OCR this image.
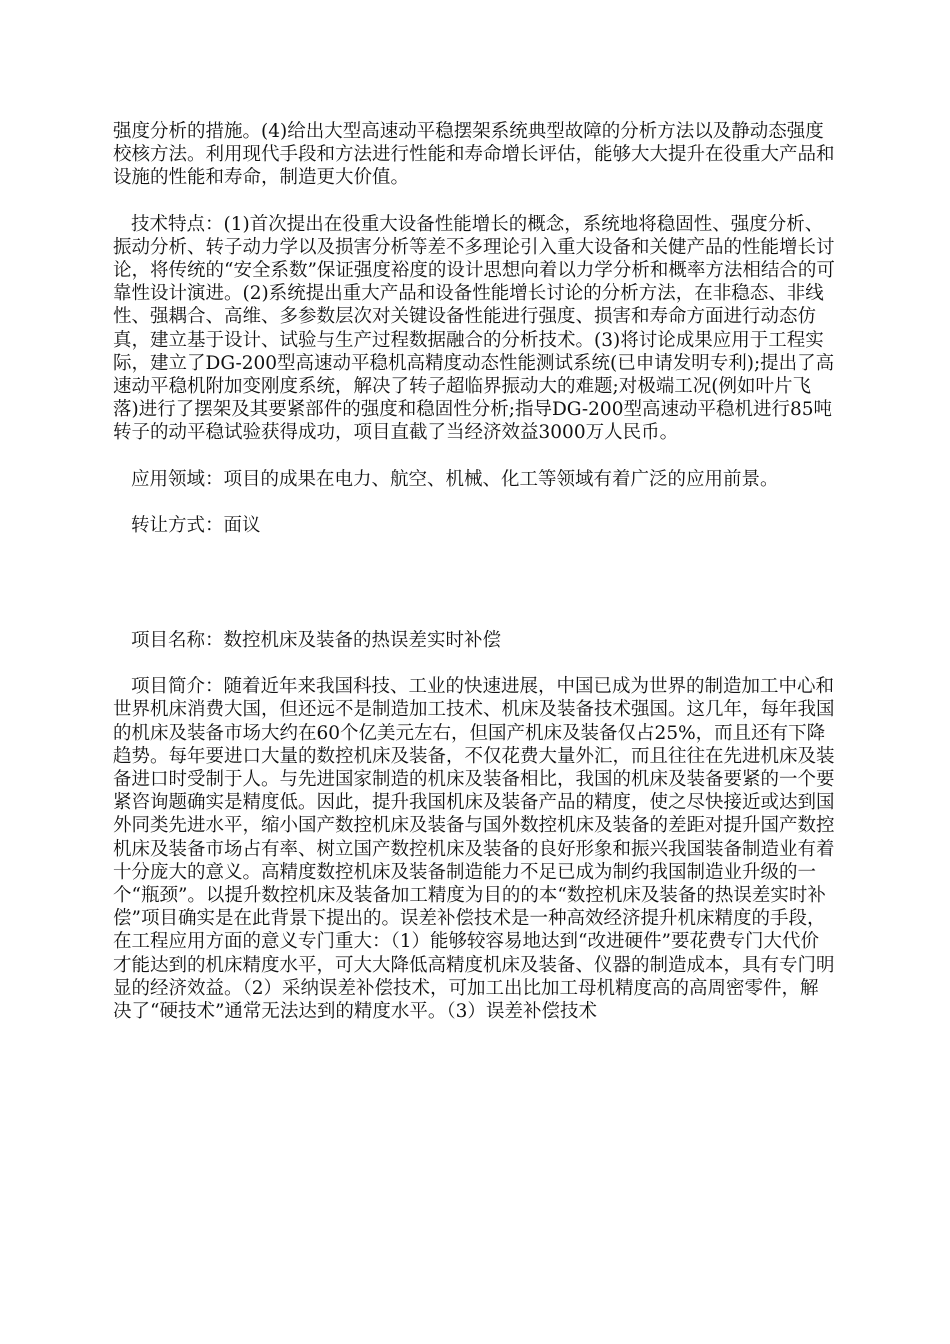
强度分析的措施。(4)给出大型高速动平稳摆架系统典型故障的分析方法以及静动态强度校核方法。利用现代手段和方法进行性能和寿命增长评估，能够大大提升在役重大产品和设施的性能和寿命，制造更大价值。

技术特点：(1)首次提出在役重大设备性能增长的概念，系统地将稳固性、强度分析、振动分析、转子动力学以及损害分析等差不多理论引入重大设备和关健产品的性能增长讨论，将传统的“安全系数”保证强度裕度的设计思想向着以力学分析和概率方法相结合的可靠性设计演进。(2)系统提出重大产品和设备性能增长讨论的分析方法，在非稳态、非线性、强耦合、高维、多参数层次对关键设备性能进行强度、损害和寿命方面进行动态仿真，建立基于设计、试验与生产过程数据融合的分析技术。(3)将讨论成果应用于工程实际，建立了DG-200型高速动平稳机高精度动态性能测试系统(已申请发明专利);提出了高速动平稳机附加变刚度系统，解决了转子超临界振动大的难题;对极端工况(例如叶片飞落)进行了摆架及其要紧部件的强度和稳固性分析;指导DG-200型高速动平稳机进行85吨转子的动平稳试验获得成功，项目直截了当经济效益3000万人民币。

应用领域：项目的成果在电力、航空、机械、化工等领域有着广泛的应用前景。

转让方式：面议

项目名称：数控机床及装备的热误差实时补偿

项目简介：随着近年来我国科技、工业的快速进展，中国已成为世界的制造加工中心和世界机床消费大国，但还远不是制造加工技术、机床及装备技术强国。这几年，每年我国的机床及装备市场大约在60个亿美元左右，但国产机床及装备仅占25%，而且还有下降趋势。每年要进口大量的数控机床及装备，不仅花费大量外汇，而且往往在先进机床及装备进口时受制于人。与先进国家制造的机床及装备相比，我国的机床及装备要紧的一个要紧咨询题确实是精度低。因此，提升我国机床及装备产品的精度，使之尽快接近或达到国外同类先进水平，缩小国产数控机床及装备与国外数控机床及装备的差距对提升国产数控机床及装备市场占有率、树立国产数控机床及装备的良好形象和振兴我国装备制造业有着十分庞大的意义。高精度数控机床及装备制造能力不足已成为制约我国制造业升级的一个“瓶颈”。以提升数控机床及装备加工精度为目的的本“数控机床及装备的热误差实时补偿”项目确实是在此背景下提出的。误差补偿技术是一种高效经济提升机床精度的手段，在工程应用方面的意义专门重大：（1）能够较容易地达到“改进硬件”要花费专门大代价才能达到的机床精度水平，可大大降低高精度机床及装备、仪器的制造成本，具有专门明显的经济效益。（2）采纳误差补偿技术，可加工出比加工母机精度高的高周密零件，解决了“硬技术”通常无法达到的精度水平。（3）误差补偿技术
